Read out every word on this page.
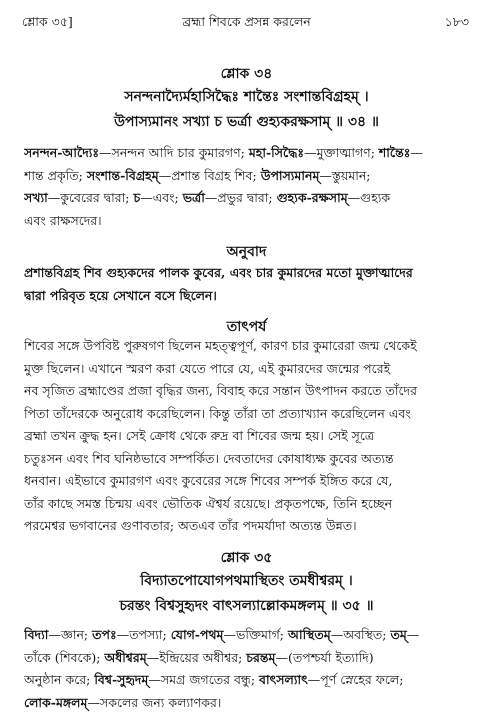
ব্রহ্মা শিবকে প্রসন্ন করলেন
শ্লোক ৩৫]	১৮৩
শ্লোক ৩৪
সনন্দনাদ্যৈর্মহাসিদ্ধৈঃ শান্তৈঃ সংশান্তবিগ্রহম্ ।
উপাস্যমানং সখ্যা চ ভর্ত্রা গুহ্যকরক্ষসাম্ ॥ ৩৪ ॥
সনন্দন-আদ্যৈঃ—সনন্দন আদি চার কুমারগণ; মহা-সিদ্ধৈঃ—মুক্তাত্মাগণ; শান্তৈঃ—
শান্ত প্রকৃতি; সংশান্ত-বিগ্রহম্—প্রশান্ত বিগ্রহ শিব; উপাস্যমানম্—স্তুয়মান;
সখ্যা—কুবেরের দ্বারা; চ—এবং; ভর্ত্রা—প্রভুর দ্বারা; গুহ্যক-রক্ষসাম্—গুহ্যক
এবং রাক্ষসদের।
অনুবাদ
প্রশান্তবিগ্রহ শিব গুহ্যকদের পালক কুবের, এবং চার কুমারদের মতো মুক্তাত্মাদের
দ্বারা পরিবৃত হয়ে সেখানে বসে ছিলেন।
তাৎপর্য
শিবের সঙ্গে উপবিষ্ট পুরুষগণ ছিলেন মহত্ত্বপূর্ণ, কারণ চার কুমারেরা জন্ম থেকেই
মুক্ত ছিলেন। এখানে স্মরণ করা যেতে পারে যে, এই কুমারদের জন্মের পরেই
নব সৃজিত ব্রহ্মাণ্ডের প্রজা বৃদ্ধির জন্য, বিবাহ করে সন্তান উৎপাদন করতে তাঁদের
পিতা তাঁদেরকে অনুরোধ করেছিলেন। কিন্তু তাঁরা তা প্রত্যাখ্যান করেছিলেন এবং
ব্রহ্মা তখন ক্রুদ্ধ হন। সেই ক্রোধ থেকে রুদ্র বা শিবের জন্ম হয়। সেই সূত্রে
চতুঃসন এবং শিব ঘনিষ্ঠভাবে সম্পর্কিত। দেবতাদের কোষাধ্যক্ষ কুবের অত্যন্ত
ধনবান। এইভাবে কুমারগণ এবং কুবেরের সঙ্গে শিবের সম্পর্ক ইঙ্গিত করে যে,
তাঁর কাছে সমস্ত চিন্ময় এবং ভৌতিক ঐশ্বর্য রয়েছে। প্রকৃতপক্ষে, তিনি হচ্ছেন
পরমেশ্বর ভগবানের গুণাবতার; অতএব তাঁর পদমর্যাদা অত্যন্ত উন্নত।
শ্লোক ৩৫
বিদ্যাতপোযোগপথমাস্থিতং তমধীশ্বরম্ ।
চরন্তং বিশ্বসুহৃদং বাৎসল্যাল্লোকমঙ্গলম্ ॥ ৩৫ ॥
বিদ্যা—জ্ঞান; তপঃ—তপস্যা; যোগ-পথম্—ভক্তিমার্গ; আস্থিতম্—অবস্থিত; তম্—
তাঁকে (শিবকে); অধীশ্বরম্—ইন্দ্রিয়ের অধীশ্বর; চরন্তম্—(তপশ্চর্যা ইত্যাদি)
অনুষ্ঠান করে; বিশ্ব-সুহৃদম্—সমগ্র জগতের বন্ধু; বাৎসল্যাৎ—পূর্ণ স্নেহের ফলে;
লোক-মঙ্গলম্—সকলের জন্য কল্যাণকর।
